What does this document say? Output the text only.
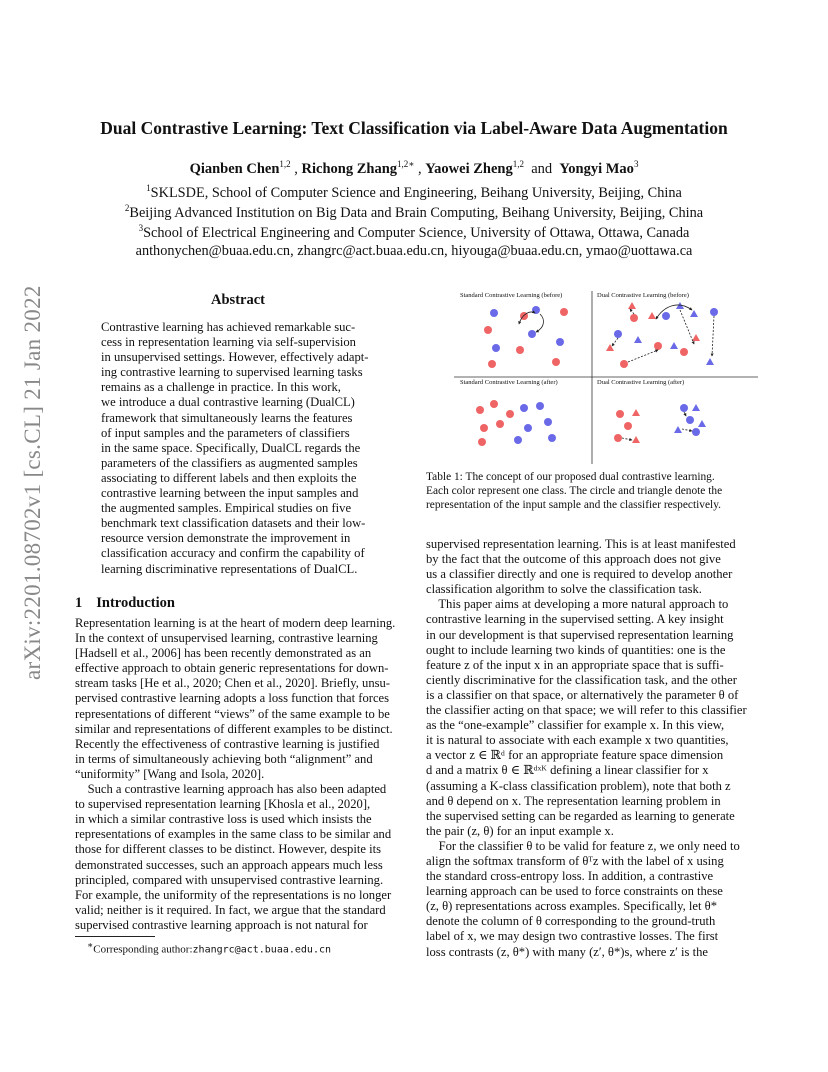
arXiv:2201.08702v1 [cs.CL] 21 Jan 2022
Dual Contrastive Learning: Text Classification via Label-Aware Data Augmentation
Qianben Chen$^{1,2}$ , Richong Zhang$^{1,2∗}$ , Yaowei Zheng$^{1,2}$ and Yongyi Mao$^3$
$^1$SKLSDE, School of Computer Science and Engineering, Beihang University, Beijing, China
$^2$Beijing Advanced Institution on Big Data and Brain Computing, Beihang University, Beijing, China
$^3$School of Electrical Engineering and Computer Science, University of Ottawa, Ottawa, Canada
anthonychen@buaa.edu.cn, zhangrc@act.buaa.edu.cn, hiyouga@buaa.edu.cn, ymao@uottawa.ca
Abstract
Contrastive learning has achieved remarkable suc-
cess in representation learning via self-supervision
in unsupervised settings. However, effectively adapt-
ing contrastive learning to supervised learning tasks
remains as a challenge in practice. In this work,
we introduce a dual contrastive learning (DualCL)
framework that simultaneously learns the features
of input samples and the parameters of classifiers
in the same space. Specifically, DualCL regards the
parameters of the classifiers as augmented samples
associating to different labels and then exploits the
contrastive learning between the input samples and
the augmented samples. Empirical studies on five
benchmark text classification datasets and their low-
resource version demonstrate the improvement in
classification accuracy and confirm the capability of
learning discriminative representations of DualCL.
1 Introduction
Representation learning is at the heart of modern deep learning.
In the context of unsupervised learning, contrastive learning
[Hadsell et al., 2006] has been recently demonstrated as an
effective approach to obtain generic representations for down-
stream tasks [He et al., 2020; Chen et al., 2020]. Briefly, unsu-
pervised contrastive learning adopts a loss function that forces
representations of different “views” of the same example to be
similar and representations of different examples to be distinct.
Recently the effectiveness of contrastive learning is justified
in terms of simultaneously achieving both “alignment” and
“uniformity” [Wang and Isola, 2020].
Such a contrastive learning approach has also been adapted
to supervised representation learning [Khosla et al., 2020],
in which a similar contrastive loss is used which insists the
representations of examples in the same class to be similar and
those for different classes to be distinct. However, despite its
demonstrated successes, such an approach appears much less
principled, compared with unsupervised contrastive learning.
For example, the uniformity of the representations is no longer
valid; neither is it required. In fact, we argue that the standard
supervised contrastive learning approach is not natural for
∗Corresponding author:zhangrc@act.buaa.edu.cn
Standard Contrastive Learning (before)	Dual Contrastive Learning (before)
Standard Contrastive Learning (after)	Dual Contrastive Learning (after)
Table 1: The concept of our proposed dual contrastive learning.
Each color represent one class. The circle and triangle denote the
representation of the input sample and the classifier respectively.
supervised representation learning. This is at least manifested
by the fact that the outcome of this approach does not give
us a classifier directly and one is required to develop another
classification algorithm to solve the classification task.
This paper aims at developing a more natural approach to
contrastive learning in the supervised setting. A key insight
in our development is that supervised representation learning
ought to include learning two kinds of quantities: one is the
feature z of the input x in an appropriate space that is suffi-
ciently discriminative for the classification task, and the other
is a classifier on that space, or alternatively the parameter θ of
the classifier acting on that space; we will refer to this classifier
as the “one-example” classifier for example x. In this view,
it is natural to associate with each example x two quantities,
a vector z ∈ ℝᵈ for an appropriate feature space dimension
d and a matrix θ ∈ ℝᵈˣᴷ defining a linear classifier for x
(assuming a K-class classification problem), note that both z
and θ depend on x. The representation learning problem in
the supervised setting can be regarded as learning to generate
the pair (z, θ) for an input example x.
For the classifier θ to be valid for feature z, we only need to
align the softmax transform of θᵀz with the label of x using
the standard cross-entropy loss. In addition, a contrastive
learning approach can be used to force constraints on these
(z, θ) representations across examples. Specifically, let θ*
denote the column of θ corresponding to the ground-truth
label of x, we may design two contrastive losses. The first
loss contrasts (z, θ*) with many (z′, θ*)s, where z′ is the
